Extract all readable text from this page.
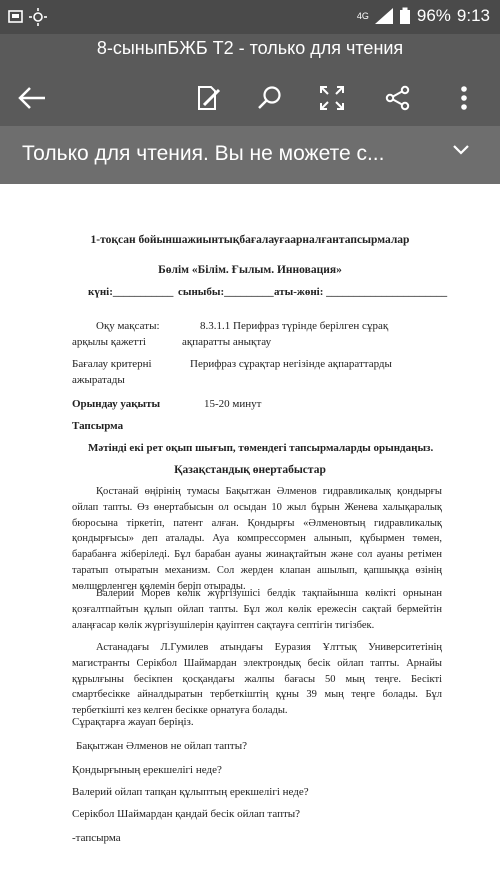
4G	96% 9:13
8-сыныпБЖБ Т2 - только для чтения
Только для чтения. Вы не можете с...
1-тоқсан бойыншажиынтықбағалауғаарналғантапсырмалар
Бөлім «Білім. Ғылым. Инновация»
күні:___________ сыныбы:_________ аты-жөні: ______________________
Оқу мақсаты:
арқылы қажетті
8.3.1.1 Перифраз түрінде берілген сұрақ
ақпаратты анықтау
Бағалау критерні
ажыратады
Перифраз сұрақтар негізінде ақпараттарды
Орындау уақыты	15-20 минут
Тапсырма
Мәтінді екі рет оқып шығып, төмендегі тапсырмаларды орындаңыз.
Қазақстандық өнертабыстар
Қостанай өңірінің тумасы Бақытжан Әлменов гидравликалық қондырғы ойлап тапты. Өз өнертабысын ол осыдан 10 жыл бұрын Женева халықаралық бюросына тіркетіп, патент алған. Қондырғы «Әлменовтың гидравликалық қондырғысы» деп аталады. Ауа компрессормен алынып, құбырмен төмен, барабанға жіберіледі. Бұл барабан ауаны жинақтайтын және сол ауаны ретімен таратып отыратын механизм. Сол жерден клапан ашылып, қапшыққа өзінің мөлшерленген көлемін беріп отырады.
Валерий Морев көлік жүргізушісі белдік тақпайынша көлікті орнынан қозғалтпайтын құлып ойлап тапты. Бұл жол көлік ережесін сақтай бермейтін алаңғасар көлік жүргізушілерін қауіптен сақтауға септігін тигізбек.
Астанадағы Л.Гумилев атындағы Еуразия Ұлттық Университетінің магистранты Серікбол Шаймардан электрондық бесік ойлап тапты. Арнайы құрылғыны бесікпен қосқандағы жалпы бағасы 50 мың теңге. Бесікті смартбесікке айналдыратын тербеткіштің құны 39 мың теңге болады. Бұл тербеткішті кез келген бесікке орнатуға болады.
Сұрақтарға жауап беріңіз.
Бақытжан Әлменов не ойлап тапты?
Қондырғының ерекшелігі неде?
Валерий ойлап тапқан құлыптың ерекшелігі неде?
Серікбол Шаймардан қандай бесік ойлап тапты?
-тапсырма
